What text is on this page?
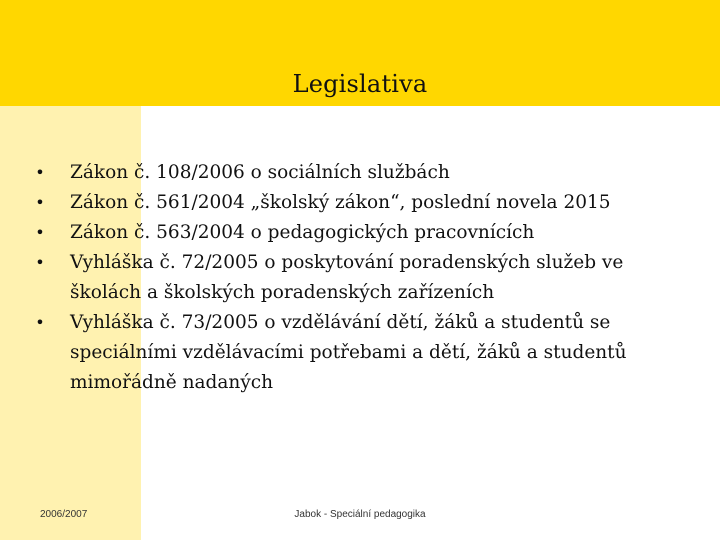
Legislativa
• Zákon č. 108/2006 o sociálních službách
• Zákon č. 561/2004 „školský zákon“, poslední novela 2015
• Zákon č. 563/2004 o pedagogických pracovnících
• Vyhláška č. 72/2005 o poskytování poradenských služeb ve školách a školských poradenských zařízeních
• Vyhláška č. 73/2005 o vzdělávání dětí, žáků a studentů se speciálními vzdělávacími potřebami a dětí, žáků a studentů mimořádně nadaných
2006/2007	Jabok - Speciální pedagogika
